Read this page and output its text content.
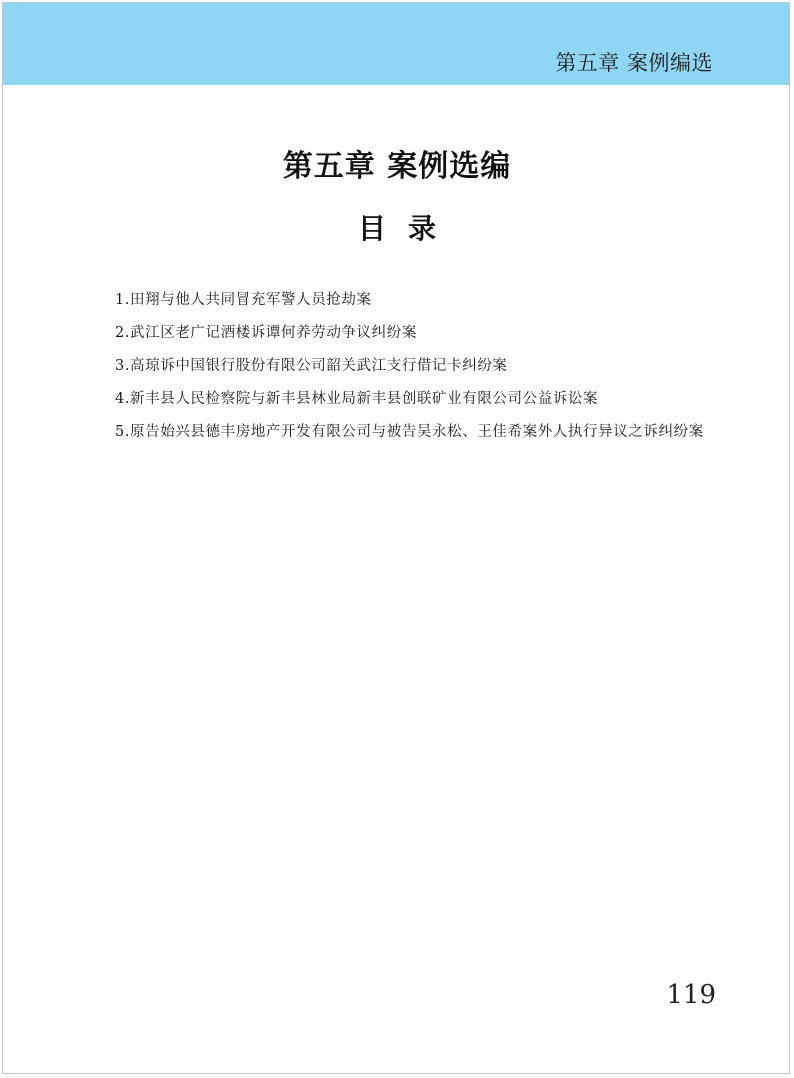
第五章 案例编选
第五章 案例选编
目录
1.田翔与他人共同冒充军警人员抢劫案
2.武江区老广记酒楼诉谭何养劳动争议纠纷案
3.高琼诉中国银行股份有限公司韶关武江支行借记卡纠纷案
4.新丰县人民检察院与新丰县林业局新丰县创联矿业有限公司公益诉讼案
5.原告始兴县德丰房地产开发有限公司与被告吴永松、王佳希案外人执行异议之诉纠纷案
119
